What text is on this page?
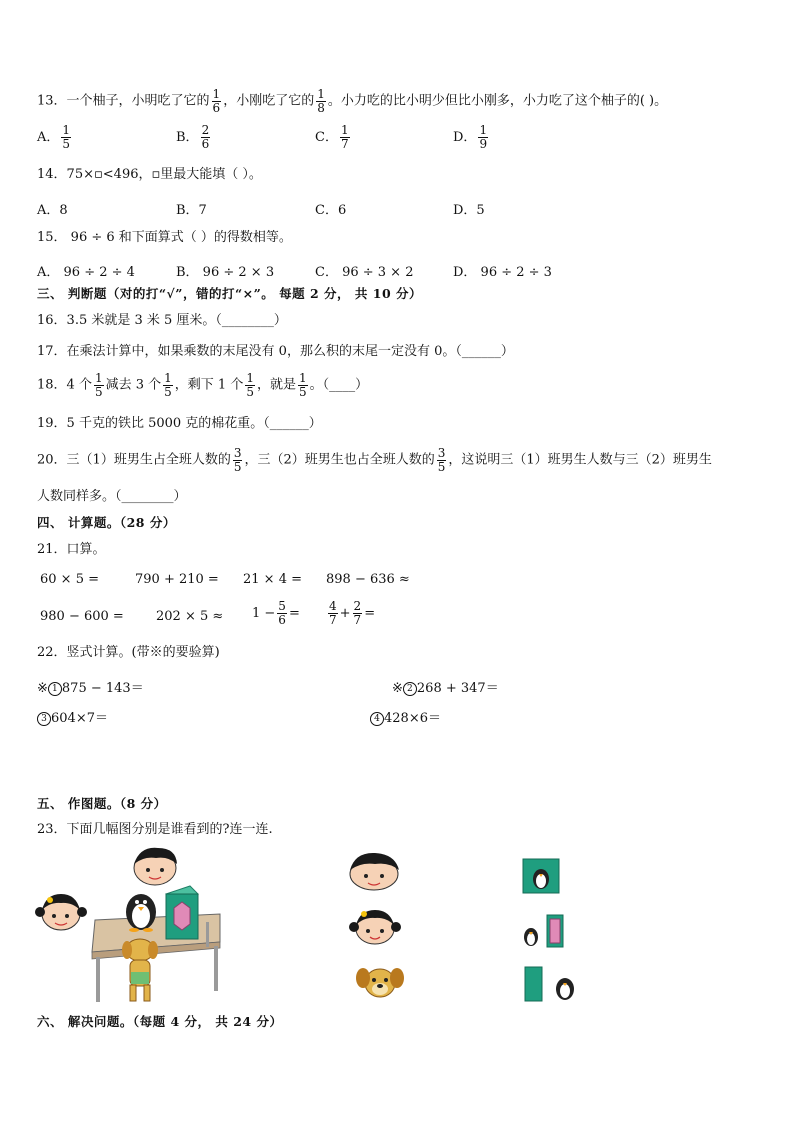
13．一个柚子，小明吃了它的 $\frac{1}{6}$ ，小刚吃了它的 $\frac{1}{8}$ 。小力吃的比小明少但比小刚多，小力吃了这个柚子的( )。
A． $\frac{1}{5}$	B． $\frac{2}{6}$	C． $\frac{1}{7}$	D． $\frac{1}{9}$
14．75×▫<496，▫里最大能填（ ）。
A．8	B．7	C．6	D．5
15． 96 ÷ 6 和下面算式（ ）的得数相等。
A． 96 ÷ 2 ÷ 4	B． 96 ÷ 2 × 3	C． 96 ÷ 3 × 2	D． 96 ÷ 2 ÷ 3
三、 判断题（对的打“√”，错的打“×”。 每题 2 分， 共 10 分）
16．3.5 米就是 3 米 5 厘米。（________）
17．在乘法计算中，如果乘数的末尾没有 0，那么积的末尾一定没有 0。（______）
18．4 个 $\frac{1}{5}$ 减去 3 个 $\frac{1}{5}$ ，剩下 1 个 $\frac{1}{5}$ ，就是 $\frac{1}{5}$ 。（____）
19．5 千克的铁比 5000 克的棉花重。（______）
20．三（1）班男生占全班人数的 $\frac{3}{5}$ ，三（2）班男生也占全班人数的 $\frac{3}{5}$ ，这说明三（1）班男生人数与三（2）班男生
人数同样多。（________）
四、 计算题。（28 分）
21．口算。
60 × 5 =	790 + 210 = 21 × 4 = 898 − 636 ≈
$980 - 600 = 202 \times 5 \approx 1 - \frac{5}{6} = \frac{4}{7} + \frac{2}{7}$ =
22．竖式计算。(带※的要验算)
※ 1 875 − 143＝	※ 2 268 + 347＝
3 604×7＝	4 428×6＝
五、 作图题。（8 分）
23．下面几幅图分别是谁看到的?连一连.
六、 解决问题。（每题 4 分， 共 24 分）
